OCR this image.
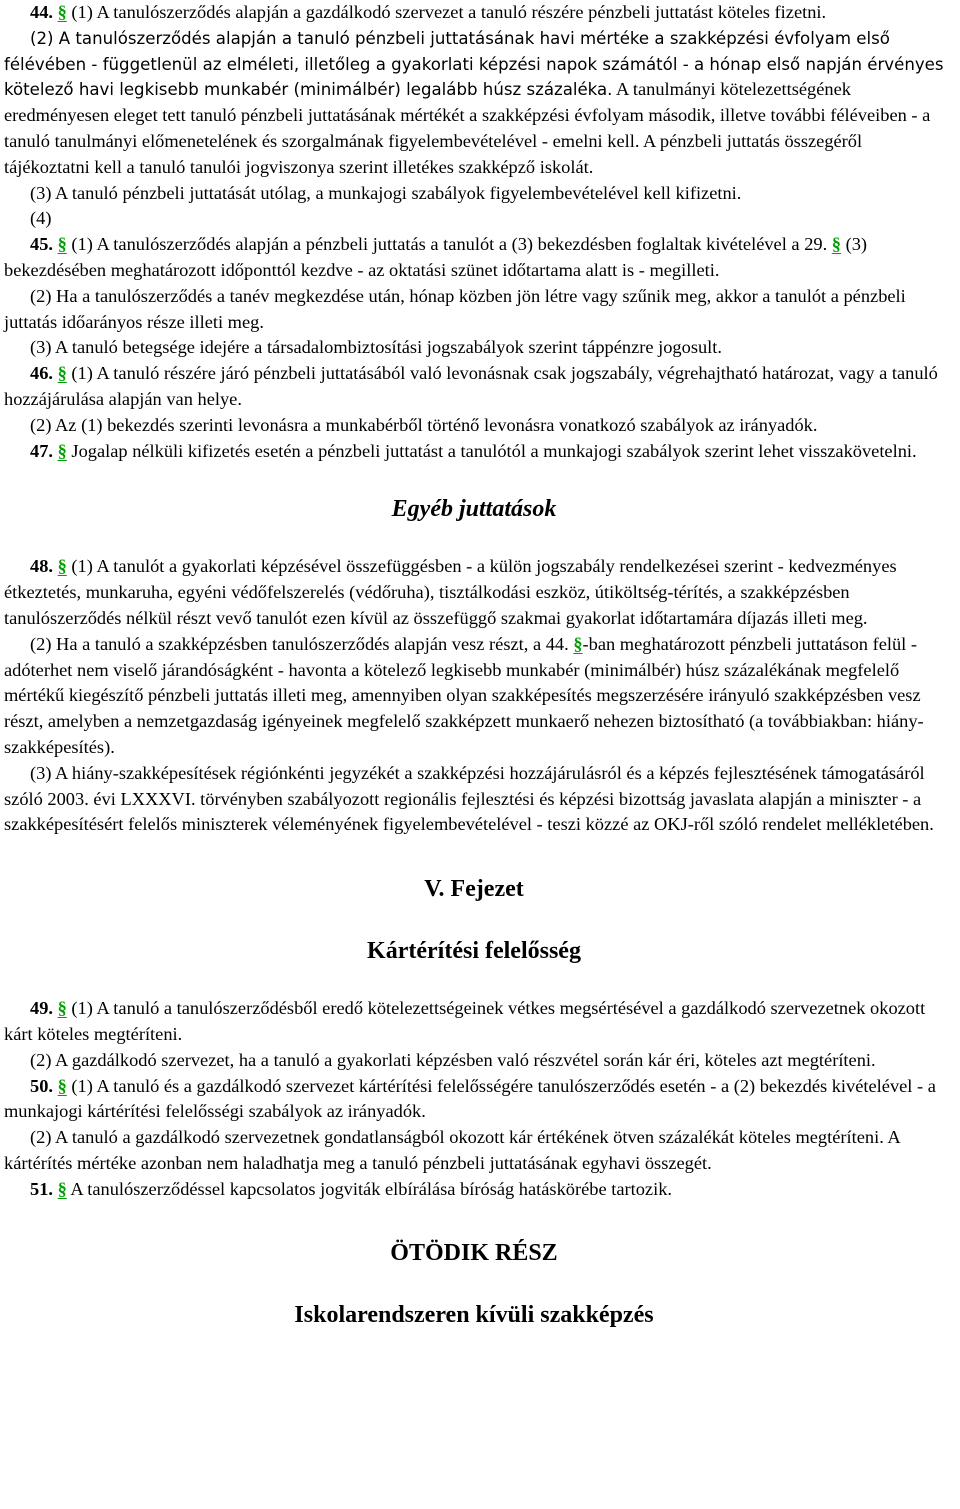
44. § (1) A tanulószerződés alapján a gazdálkodó szervezet a tanuló részére pénzbeli juttatást köteles fizetni.

(2) A tanulószerződés alapján a tanuló pénzbeli juttatásának havi mértéke a szakképzési évfolyam első félévében - függetlenül az elméleti, illetőleg a gyakorlati képzési napok számától - a hónap első napján érvényes kötelező havi legkisebb munkabér (minimálbér) legalább húsz százaléka. A tanulmányi kötelezettségének eredményesen eleget tett tanuló pénzbeli juttatásának mértékét a szakképzési évfolyam második, illetve további féléveiben - a tanuló tanulmányi előmenetelének és szorgalmának figyelembevételével - emelni kell. A pénzbeli juttatás összegéről tájékoztatni kell a tanuló tanulói jogviszonya szerint illetékes szakképző iskolát.

(3) A tanuló pénzbeli juttatását utólag, a munkajogi szabályok figyelembevételével kell kifizetni.

(4)

45. § (1) A tanulószerződés alapján a pénzbeli juttatás a tanulót a (3) bekezdésben foglaltak kivételével a 29. § (3) bekezdésében meghatározott időponttól kezdve - az oktatási szünet időtartama alatt is - megilleti.

(2) Ha a tanulószerződés a tanév megkezdése után, hónap közben jön létre vagy szűnik meg, akkor a tanulót a pénzbeli juttatás időarányos része illeti meg.

(3) A tanuló betegsége idejére a társadalombiztosítási jogszabályok szerint táppénzre jogosult.

46. § (1) A tanuló részére járó pénzbeli juttatásából való levonásnak csak jogszabály, végrehajtható határozat, vagy a tanuló hozzájárulása alapján van helye.

(2) Az (1) bekezdés szerinti levonásra a munkabérből történő levonásra vonatkozó szabályok az irányadók.

47. § Jogalap nélküli kifizetés esetén a pénzbeli juttatást a tanulótól a munkajogi szabályok szerint lehet visszakövetelni.

Egyéb juttatások

48. § (1) A tanulót a gyakorlati képzésével összefüggésben - a külön jogszabály rendelkezései szerint - kedvezményes étkeztetés, munkaruha, egyéni védőfelszerelés (védőruha), tisztálkodási eszköz, útiköltség-térítés, a szakképzésben tanulószerződés nélkül részt vevő tanulót ezen kívül az összefüggő szakmai gyakorlat időtartamára díjazás illeti meg.

(2) Ha a tanuló a szakképzésben tanulószerződés alapján vesz részt, a 44. §-ban meghatározott pénzbeli juttatáson felül - adóterhet nem viselő járandóságként - havonta a kötelező legkisebb munkabér (minimálbér) húsz százalékának megfelelő mértékű kiegészítő pénzbeli juttatás illeti meg, amennyiben olyan szakképesítés megszerzésére irányuló szakképzésben vesz részt, amelyben a nemzetgazdaság igényeinek megfelelő szakképzett munkaerő nehezen biztosítható (a továbbiakban: hiány-szakképesítés).

(3) A hiány-szakképesítések régiónkénti jegyzékét a szakképzési hozzájárulásról és a képzés fejlesztésének támogatásáról szóló 2003. évi LXXXVI. törvényben szabályozott regionális fejlesztési és képzési bizottság javaslata alapján a miniszter - a szakképesítésért felelős miniszterek véleményének figyelembevételével - teszi közzé az OKJ-ről szóló rendelet mellékletében.

V. Fejezet
Kártérítési felelősség

49. § (1) A tanuló a tanulószerződésből eredő kötelezettségeinek vétkes megsértésével a gazdálkodó szervezetnek okozott kárt köteles megtéríteni.

(2) A gazdálkodó szervezet, ha a tanuló a gyakorlati képzésben való részvétel során kár éri, köteles azt megtéríteni.

50. § (1) A tanuló és a gazdálkodó szervezet kártérítési felelősségére tanulószerződés esetén - a (2) bekezdés kivételével - a munkajogi kártérítési felelősségi szabályok az irányadók.

(2) A tanuló a gazdálkodó szervezetnek gondatlanságból okozott kár értékének ötven százalékát köteles megtéríteni. A kártérítés mértéke azonban nem haladhatja meg a tanuló pénzbeli juttatásának egyhavi összegét.

51. § A tanulószerződéssel kapcsolatos jogviták elbírálása bíróság hatáskörébe tartozik.

ÖTÖDIK RÉSZ
Iskolarendszeren kívüli szakképzés
